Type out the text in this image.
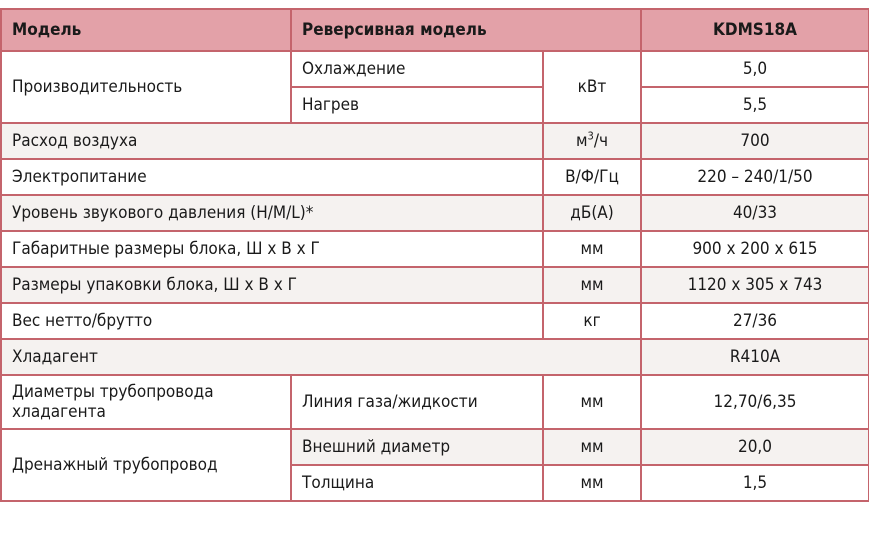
Модель	Реверсивная модель		KDMS18A
Производительность	Охлаждение	кВт	5,0
	Нагрев		5,5
Расход воздуха		$м^3/ч$	700
Электропитание		В/Ф/Гц	220 – 240/1/50
Уровень звукового давления (H/M/L)*		дБ(А)	40/33
Габаритные размеры блока, Ш х В х Г		мм	900 х 200 х 615
Размеры упаковки блока, Ш х В х Г		мм	1120 х 305 х 743
Вес нетто/брутто		кг	27/36
Хладагент			R410A
Диаметры трубопровода хладагента	Линия газа/жидкости	мм	12,70/6,35
Дренажный трубопровод	Внешний диаметр	мм	20,0
	Толщина	мм	1,5
